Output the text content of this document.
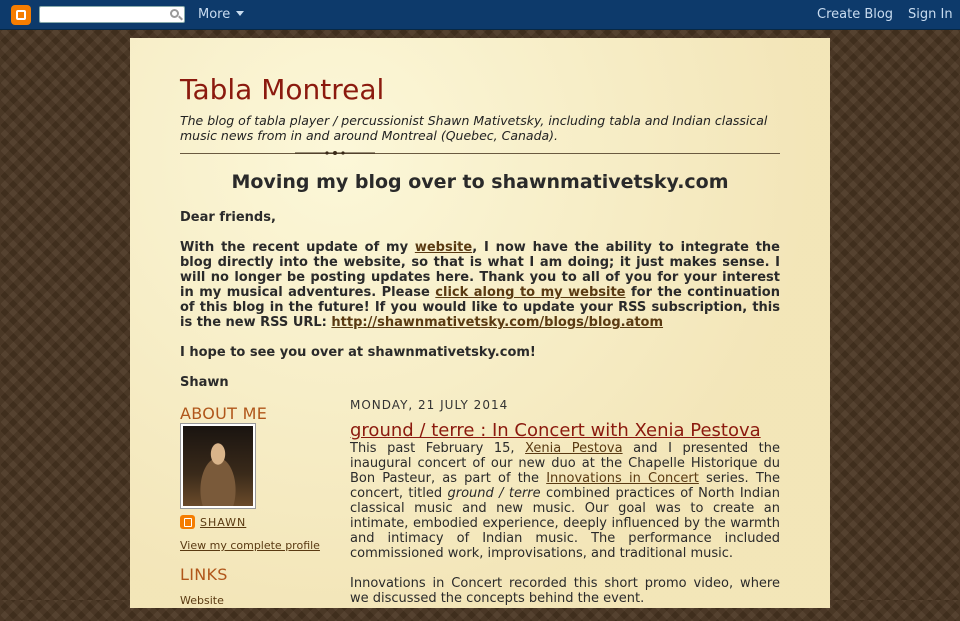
More	Create Blog Sign In
Tabla Montreal
The blog of tabla player / percussionist Shawn Mativetsky, including tabla and Indian classical music news from in and around Montreal (Quebec, Canada).
Moving my blog over to shawnmativetsky.com

Dear friends,

With the recent update of my website, I now have the ability to integrate the blog directly into the website, so that is what I am doing; it just makes sense. I will no longer be posting updates here. Thank you to all of you for your interest in my musical adventures. Please click along to my website for the continuation of this blog in the future! If you would like to update your RSS subscription, this is the new RSS URL: http://shawnmativetsky.com/blogs/blog.atom

I hope to see you over at shawnmativetsky.com!

Shawn

ABOUT ME
SHAWN
View my complete profile
LINKS
Website
MONDAY, 21 JULY 2014
ground / terre : In Concert with Xenia Pestova

This past February 15, Xenia Pestova and I presented the inaugural concert of our new duo at the Chapelle Historique du Bon Pasteur, as part of the Innovations in Concert series. The concert, titled ground / terre combined practices of North Indian classical music and new music. Our goal was to create an intimate, embodied experience, deeply influenced by the warmth and intimacy of Indian music. The performance included commissioned work, improvisations, and traditional music.

Innovations in Concert recorded this short promo video, where we discussed the concepts behind the event.
